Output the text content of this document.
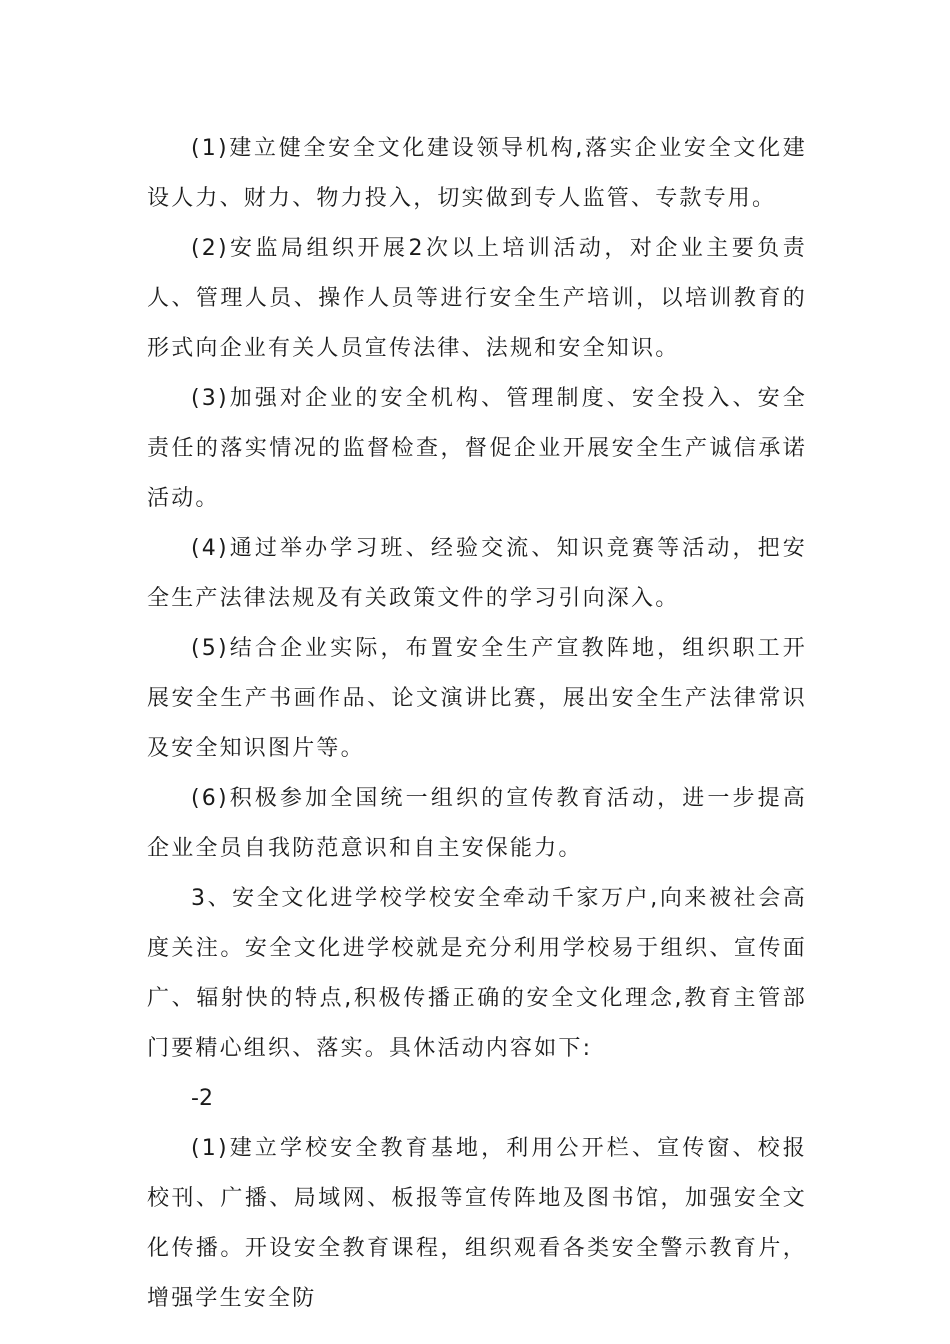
(1)建立健全安全文化建设领导机构,落实企业安全文化建设人力、财力、物力投入，切实做到专人监管、专款专用。

(2)安监局组织开展2次以上培训活动，对企业主要负责人、管理人员、操作人员等进行安全生产培训，以培训教育的形式向企业有关人员宣传法律、法规和安全知识。

(3)加强对企业的安全机构、管理制度、安全投入、安全责任的落实情况的监督检查，督促企业开展安全生产诚信承诺活动。

(4)通过举办学习班、经验交流、知识竞赛等活动，把安全生产法律法规及有关政策文件的学习引向深入。

(5)结合企业实际，布置安全生产宣教阵地，组织职工开展安全生产书画作品、论文演讲比赛，展出安全生产法律常识及安全知识图片等。

(6)积极参加全国统一组织的宣传教育活动，进一步提高企业全员自我防范意识和自主安保能力。

3、安全文化进学校学校安全牵动千家万户,向来被社会高度关注。安全文化进学校就是充分利用学校易于组织、宣传面广、辐射快的特点,积极传播正确的安全文化理念,教育主管部门要精心组织、落实。具休活动内容如下:

-2

(1)建立学校安全教育基地，利用公开栏、宣传窗、校报校刊、广播、局域网、板报等宣传阵地及图书馆，加强安全文化传播。开设安全教育课程，组织观看各类安全警示教育片，增强学生安全防
